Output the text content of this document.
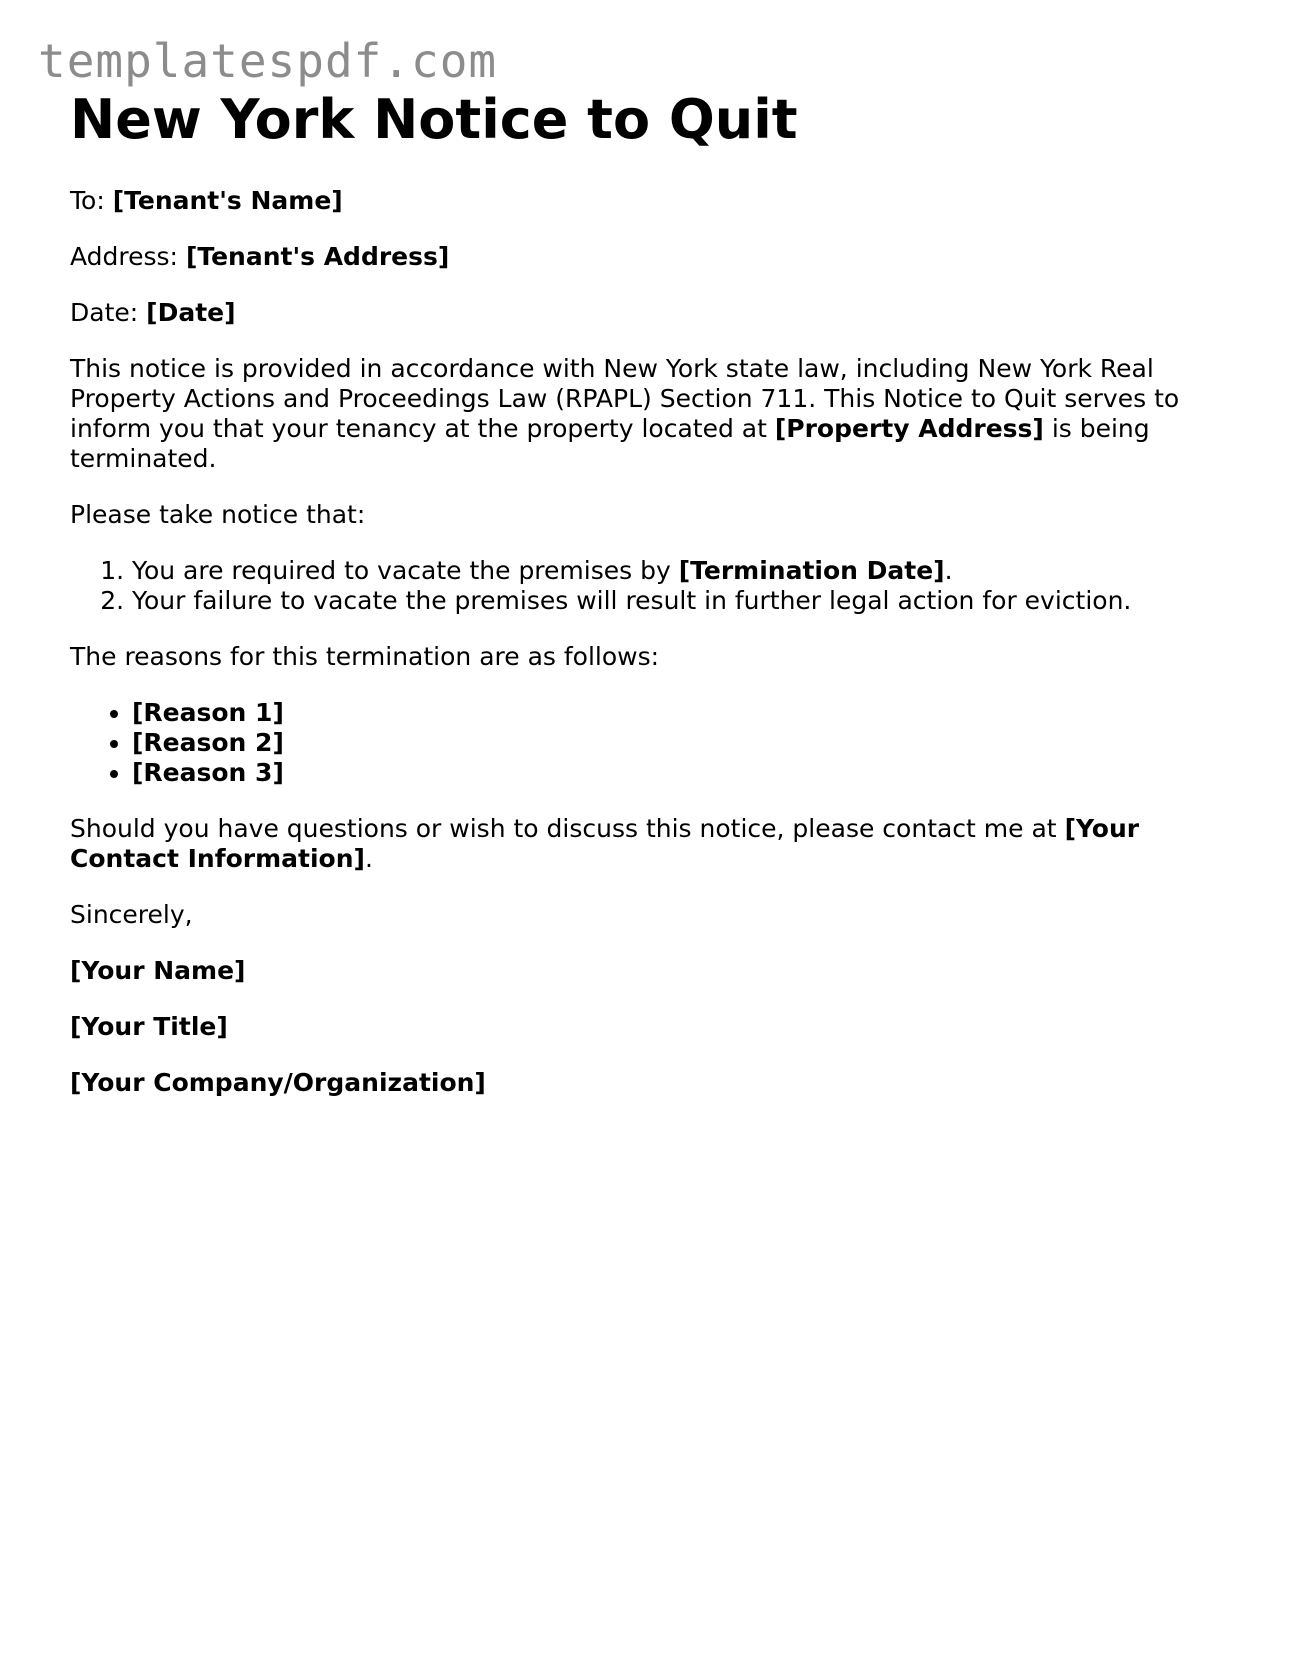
templatespdf.com
New York Notice to Quit

To: [Tenant's Name]

Address: [Tenant's Address]

Date: [Date]

This notice is provided in accordance with New York state law, including New York Real Property Actions and Proceedings Law (RPAPL) Section 711. This Notice to Quit serves to inform you that your tenancy at the property located at [Property Address] is being terminated.

Please take notice that:

1. You are required to vacate the premises by [Termination Date].
2. Your failure to vacate the premises will result in further legal action for eviction.

The reasons for this termination are as follows:

• [Reason 1]
• [Reason 2]
• [Reason 3]

Should you have questions or wish to discuss this notice, please contact me at [Your Contact Information].

Sincerely,

[Your Name]

[Your Title]

[Your Company/Organization]
